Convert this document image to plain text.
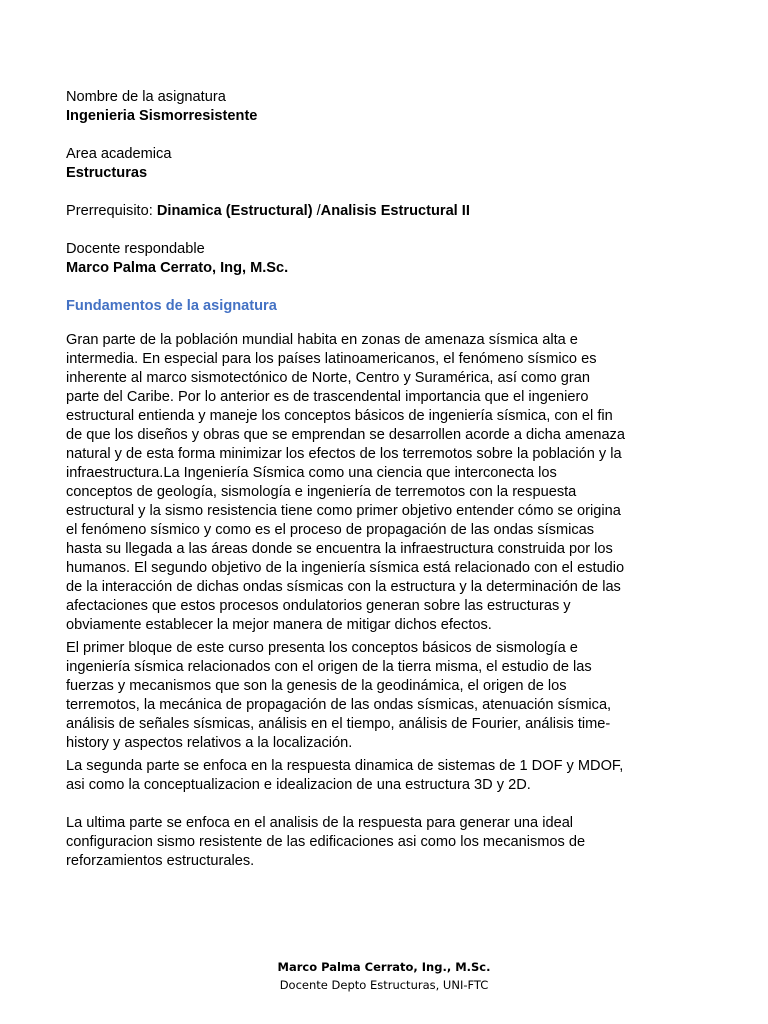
Nombre de la asignatura
Ingenieria Sismorresistente
Area academica
Estructuras
Prerrequisito: Dinamica (Estructural) /Analisis Estructural II
Docente respondable
Marco Palma Cerrato, Ing, M.Sc.
Fundamentos de la asignatura

Gran parte de la población mundial habita en zonas de amenaza sísmica alta e intermedia. En especial para los países latinoamericanos, el fenómeno sísmico es inherente al marco sismotectónico de Norte, Centro y Suramérica, así como gran parte del Caribe. Por lo anterior es de trascendental importancia que el ingeniero estructural entienda y maneje los conceptos básicos de ingeniería sísmica, con el fin de que los diseños y obras que se emprendan se desarrollen acorde a dicha amenaza natural y de esta forma minimizar los efectos de los terremotos sobre la población y la infraestructura.La Ingeniería Sísmica como una ciencia que interconecta los conceptos de geología, sismología e ingeniería de terremotos con la respuesta estructural y la sismo resistencia tiene como primer objetivo entender cómo se origina el fenómeno sísmico y como es el proceso de propagación de las ondas sísmicas hasta su llegada a las áreas donde se encuentra la infraestructura construida por los humanos. El segundo objetivo de la ingeniería sísmica está relacionado con el estudio de la interacción de dichas ondas sísmicas con la estructura y la determinación de las afectaciones que estos procesos ondulatorios generan sobre las estructuras y obviamente establecer la mejor manera de mitigar dichos efectos.

El primer bloque de este curso presenta los conceptos básicos de sismología e ingeniería sísmica relacionados con el origen de la tierra misma, el estudio de las fuerzas y mecanismos que son la genesis de la geodinámica, el origen de los terremotos, la mecánica de propagación de las ondas sísmicas, atenuación sísmica, análisis de señales sísmicas, análisis en el tiempo, análisis de Fourier, análisis time-history y aspectos relativos a la localización.

La segunda parte se enfoca en la respuesta dinamica de sistemas de 1 DOF y MDOF, asi como la conceptualizacion e idealizacion de una estructura 3D y 2D.

La ultima parte se enfoca en el analisis de la respuesta para generar una ideal configuracion sismo resistente de las edificaciones asi como los mecanismos de reforzamientos estructurales.

Marco Palma Cerrato, Ing., M.Sc.
Docente Depto Estructuras, UNI-FTC
